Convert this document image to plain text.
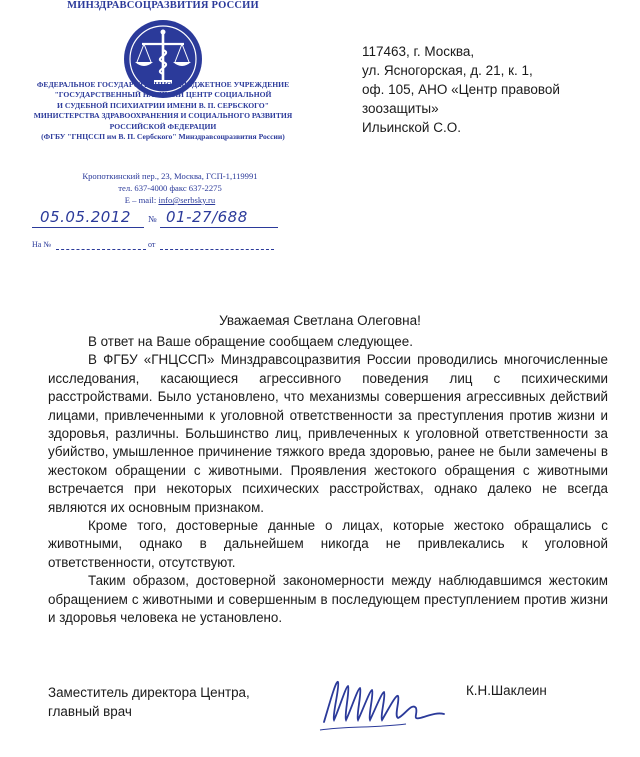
МИНЗДРАВСОЦРАЗВИТИЯ РОССИИ
ФЕДЕРАЛЬНОЕ ГОСУДАРСТВЕННОЕ БЮДЖЕТНОЕ УЧРЕЖДЕНИЕ
"ГОСУДАРСТВЕННЫЙ НАУЧНЫЙ ЦЕНТР СОЦИАЛЬНОЙ
И СУДЕБНОЙ ПСИХИАТРИИ ИМЕНИ В. П. СЕРБСКОГО"
МИНИСТЕРСТВА ЗДРАВООХРАНЕНИЯ И СОЦИАЛЬНОГО РАЗВИТИЯ
РОССИЙСКОЙ ФЕДЕРАЦИИ
(ФГБУ "ГНЦССП им В. П. Сербского" Минздравсоцразвития России)
Кропоткинский пер., 23, Москва, ГСП-1,119991
тел. 637-4000 факс 637-2275
E – mail: info@serbsky.ru
05.05.2012 № 01-27/688
На №	от
117463, г. Москва,
ул. Ясногорская, д. 21, к. 1,
оф. 105, АНО «Центр правовой
зоозащиты»
Ильинской С.О.
Уважаемая Светлана Олеговна!

В ответ на Ваше обращение сообщаем следующее.

В ФГБУ «ГНЦССП» Минздравсоцразвития России проводились многочисленные исследования, касающиеся агрессивного поведения лиц с психическими расстройствами. Было установлено, что механизмы совершения агрессивных действий лицами, привлеченными к уголовной ответственности за преступления против жизни и здоровья, различны. Большинство лиц, привлеченных к уголовной ответственности за убийство, умышленное причинение тяжкого вреда здоровью, ранее не были замечены в жестоком обращении с животными. Проявления жестокого обращения с животными встречается при некоторых психических расстройствах, однако далеко не всегда являются их основным признаком.

Кроме того, достоверные данные о лицах, которые жестоко обращались с животными, однако в дальнейшем никогда не привлекались к уголовной ответственности, отсутствуют.

Таким образом, достоверной закономерности между наблюдавшимся жестоким обращением с животными и совершенным в последующем преступлением против жизни и здоровья человека не установлено.

Заместитель директора Центра,
главный врач
К.Н.Шаклеин
